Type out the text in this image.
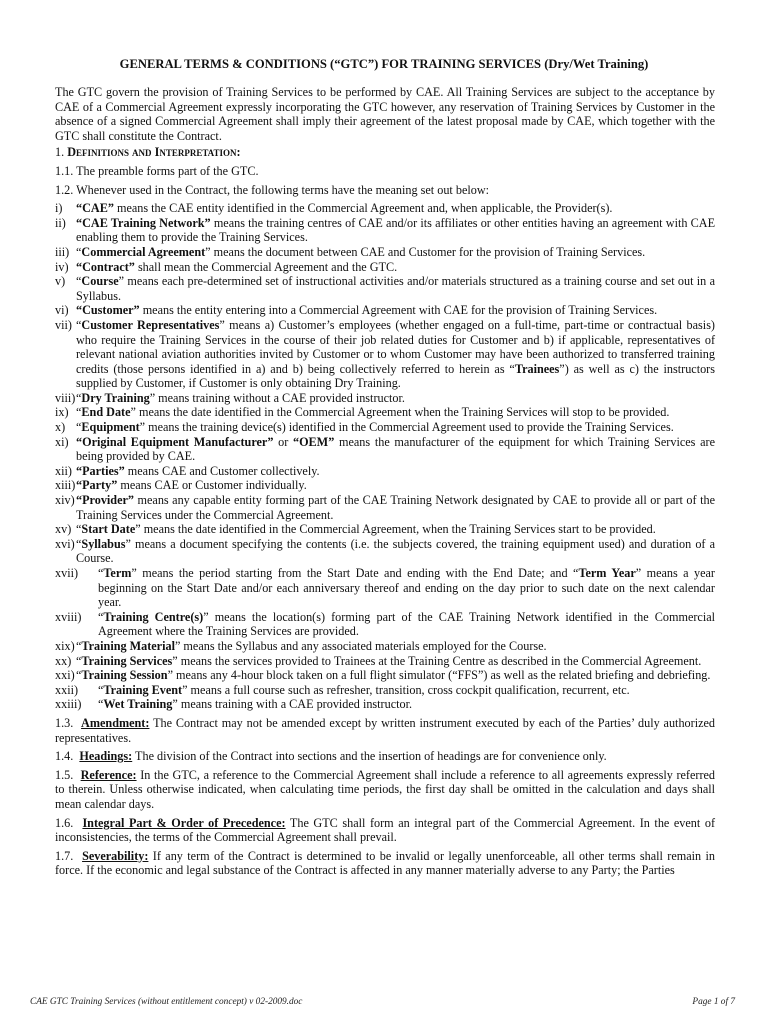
GENERAL TERMS & CONDITIONS (“GTC”) FOR TRAINING SERVICES (Dry/Wet Training)

The GTC govern the provision of Training Services to be performed by CAE. All Training Services are subject to the acceptance by CAE of a Commercial Agreement expressly incorporating the GTC however, any reservation of Training Services by Customer in the absence of a signed Commercial Agreement shall imply their agreement of the latest proposal made by CAE, which together with the GTC shall constitute the Contract.

1. Definitions and Interpretation:

1.1. The preamble forms part of the GTC.

1.2. Whenever used in the Contract, the following terms have the meaning set out below:

i)	“CAE” means the CAE entity identified in the Commercial Agreement and, when applicable, the Provider(s).
ii) “CAE Training Network” means the training centres of CAE and/or its affiliates or other entities having an agreement with CAE enabling them to provide the Training Services.
iii) “Commercial Agreement” means the document between CAE and Customer for the provision of Training Services.
iv) “Contract” shall mean the Commercial Agreement and the GTC.
v) “Course” means each pre-determined set of instructional activities and/or materials structured as a training course and set out in a Syllabus.
vi) “Customer” means the entity entering into a Commercial Agreement with CAE for the provision of Training Services.
vii) “Customer Representatives” means a) Customer’s employees (whether engaged on a full-time, part-time or contractual basis) who require the Training Services in the course of their job related duties for Customer and b) if applicable, representatives of relevant national aviation authorities invited by Customer or to whom Customer may have been authorized to transferred training credits (those persons identified in a) and b) being collectively referred to herein as “Trainees”) as well as c) the instructors supplied by Customer, if Customer is only obtaining Dry Training.
viii) “Dry Training” means training without a CAE provided instructor.
ix) “End Date” means the date identified in the Commercial Agreement when the Training Services will stop to be provided.
x) “Equipment” means the training device(s) identified in the Commercial Agreement used to provide the Training Services.
xi) “Original Equipment Manufacturer” or “OEM” means the manufacturer of the equipment for which Training Services are being provided by CAE.
xii) “Parties” means CAE and Customer collectively.
xiii) “Party” means CAE or Customer individually.
xiv) “Provider” means any capable entity forming part of the CAE Training Network designated by CAE to provide all or part of the Training Services under the Commercial Agreement.
xv) “Start Date” means the date identified in the Commercial Agreement, when the Training Services start to be provided.
xvi) “Syllabus” means a document specifying the contents (i.e. the subjects covered, the training equipment used) and duration of a Course.
xvii)	“Term” means the period starting from the Start Date and ending with the End Date; and “Term Year” means a year beginning on the Start Date and/or each anniversary thereof and ending on the day prior to such date on the next calendar year.
xviii)	“Training Centre(s)” means the location(s) forming part of the CAE Training Network identified in the Commercial Agreement where the Training Services are provided.
xix) “Training Material” means the Syllabus and any associated materials employed for the Course.
xx) “Training Services” means the services provided to Trainees at the Training Centre as described in the Commercial Agreement.
xxi) “Training Session” means any 4-hour block taken on a full flight simulator (“FFS”) as well as the related briefing and debriefing.
xxii)	“Training Event” means a full course such as refresher, transition, cross cockpit qualification, recurrent, etc.
xxiii)	“Wet Training” means training with a CAE provided instructor.

1.3. Amendment: The Contract may not be amended except by written instrument executed by each of the Parties’ duly authorized representatives.

1.4. Headings: The division of the Contract into sections and the insertion of headings are for convenience only.

1.5. Reference: In the GTC, a reference to the Commercial Agreement shall include a reference to all agreements expressly referred to therein. Unless otherwise indicated, when calculating time periods, the first day shall be omitted in the calculation and days shall mean calendar days.

1.6. Integral Part & Order of Precedence: The GTC shall form an integral part of the Commercial Agreement. In the event of inconsistencies, the terms of the Commercial Agreement shall prevail.

1.7. Severability: If any term of the Contract is determined to be invalid or legally unenforceable, all other terms shall remain in force. If the economic and legal substance of the Contract is affected in any manner materially adverse to any Party; the Parties

CAE GTC Training Services (without entitlement concept) v 02-2009.doc	Page 1 of 7
